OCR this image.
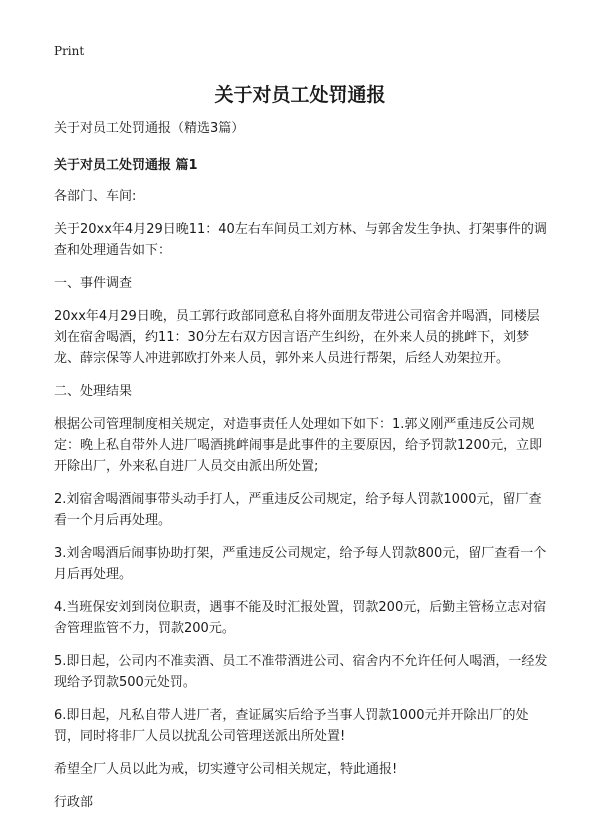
Print
关于对员工处罚通报

关于对员工处罚通报（精选3篇）

关于对员工处罚通报 篇1

各部门、车间:

关于20xx年4月29日晚11：40左右车间员工刘方林、与郭舍发生争执、打架事件的调查和处理通告如下：

一、事件调查

20xx年4月29日晚，员工郭行政部同意私自将外面朋友带进公司宿舍并喝酒，同楼层刘在宿舍喝酒，约11：30分左右双方因言语产生纠纷，在外来人员的挑衅下，刘梦龙、薛宗保等人冲进郭欧打外来人员，郭外来人员进行帮架，后经人劝架拉开。

二、处理结果

根据公司管理制度相关规定，对造事责任人处理如下如下：1.郭义刚严重违反公司规定：晚上私自带外人进厂喝酒挑衅闹事是此事件的主要原因，给予罚款1200元，立即开除出厂，外来私自进厂人员交由派出所处置;

2.刘宿舍喝酒闹事带头动手打人，严重违反公司规定，给予每人罚款1000元，留厂查看一个月后再处理。

3.刘舍喝酒后闹事协助打架，严重违反公司规定，给予每人罚款800元，留厂查看一个月后再处理。

4.当班保安刘到岗位职责，遇事不能及时汇报处置，罚款200元，后勤主管杨立志对宿舍管理监管不力，罚款200元。

5.即日起，公司内不准卖酒、员工不准带酒进公司、宿舍内不允许任何人喝酒，一经发现给予罚款500元处罚。

6.即日起，凡私自带人进厂者，查证属实后给予当事人罚款1000元并开除出厂的处罚，同时将非厂人员以扰乱公司管理送派出所处置!

希望全厂人员以此为戒，切实遵守公司相关规定，特此通报!

行政部
